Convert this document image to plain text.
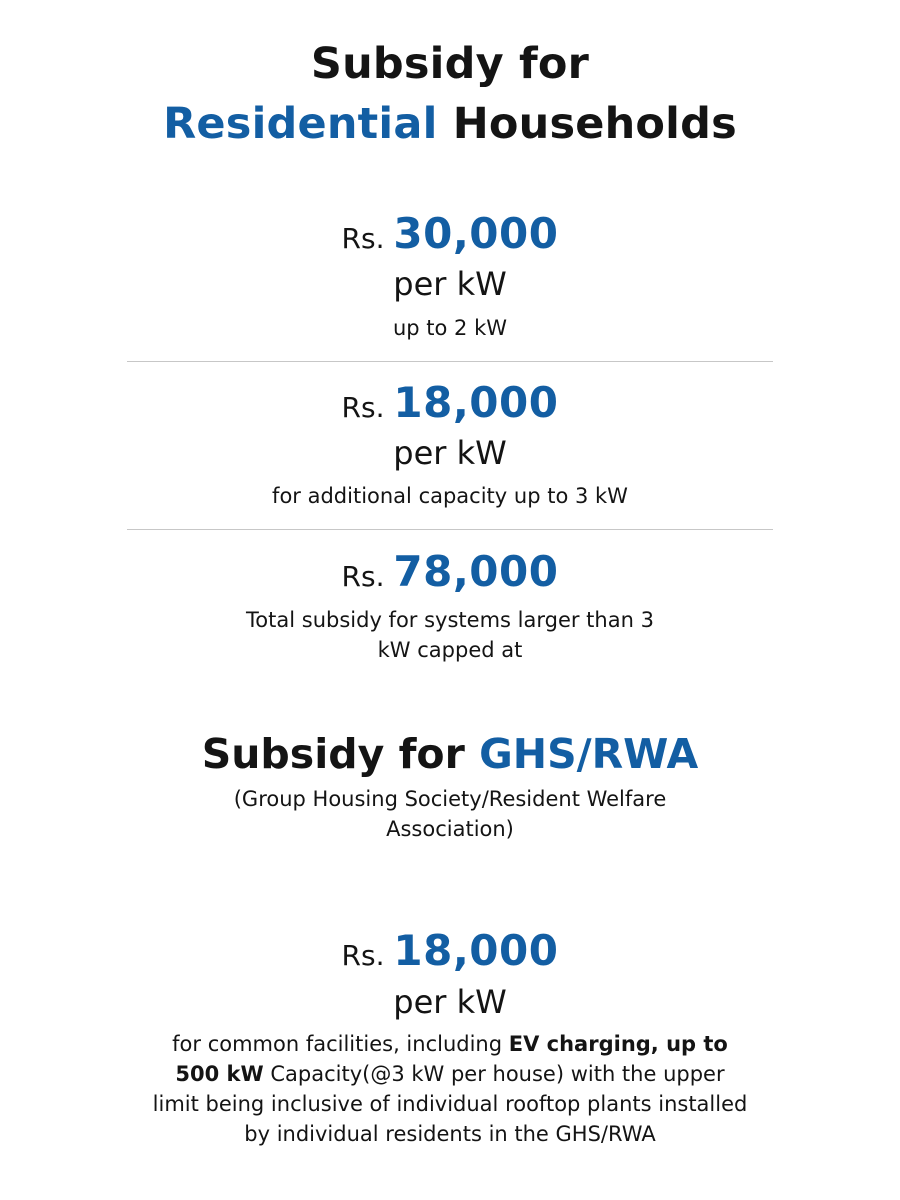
Subsidy for
Residential Households
Rs. 30,000
per kW
up to 2 kW
Rs. 18,000
per kW
for additional capacity up to 3 kW
Rs. 78,000
Total subsidy for systems larger than 3
kW capped at
Subsidy for GHS/RWA
(Group Housing Society/Resident Welfare
Association)
Rs. 18,000
per kW
for common facilities, including EV charging, up to 500 kW Capacity(@3 kW per house) with the upper limit being inclusive of individual rooftop plants installed by individual residents in the GHS/RWA
